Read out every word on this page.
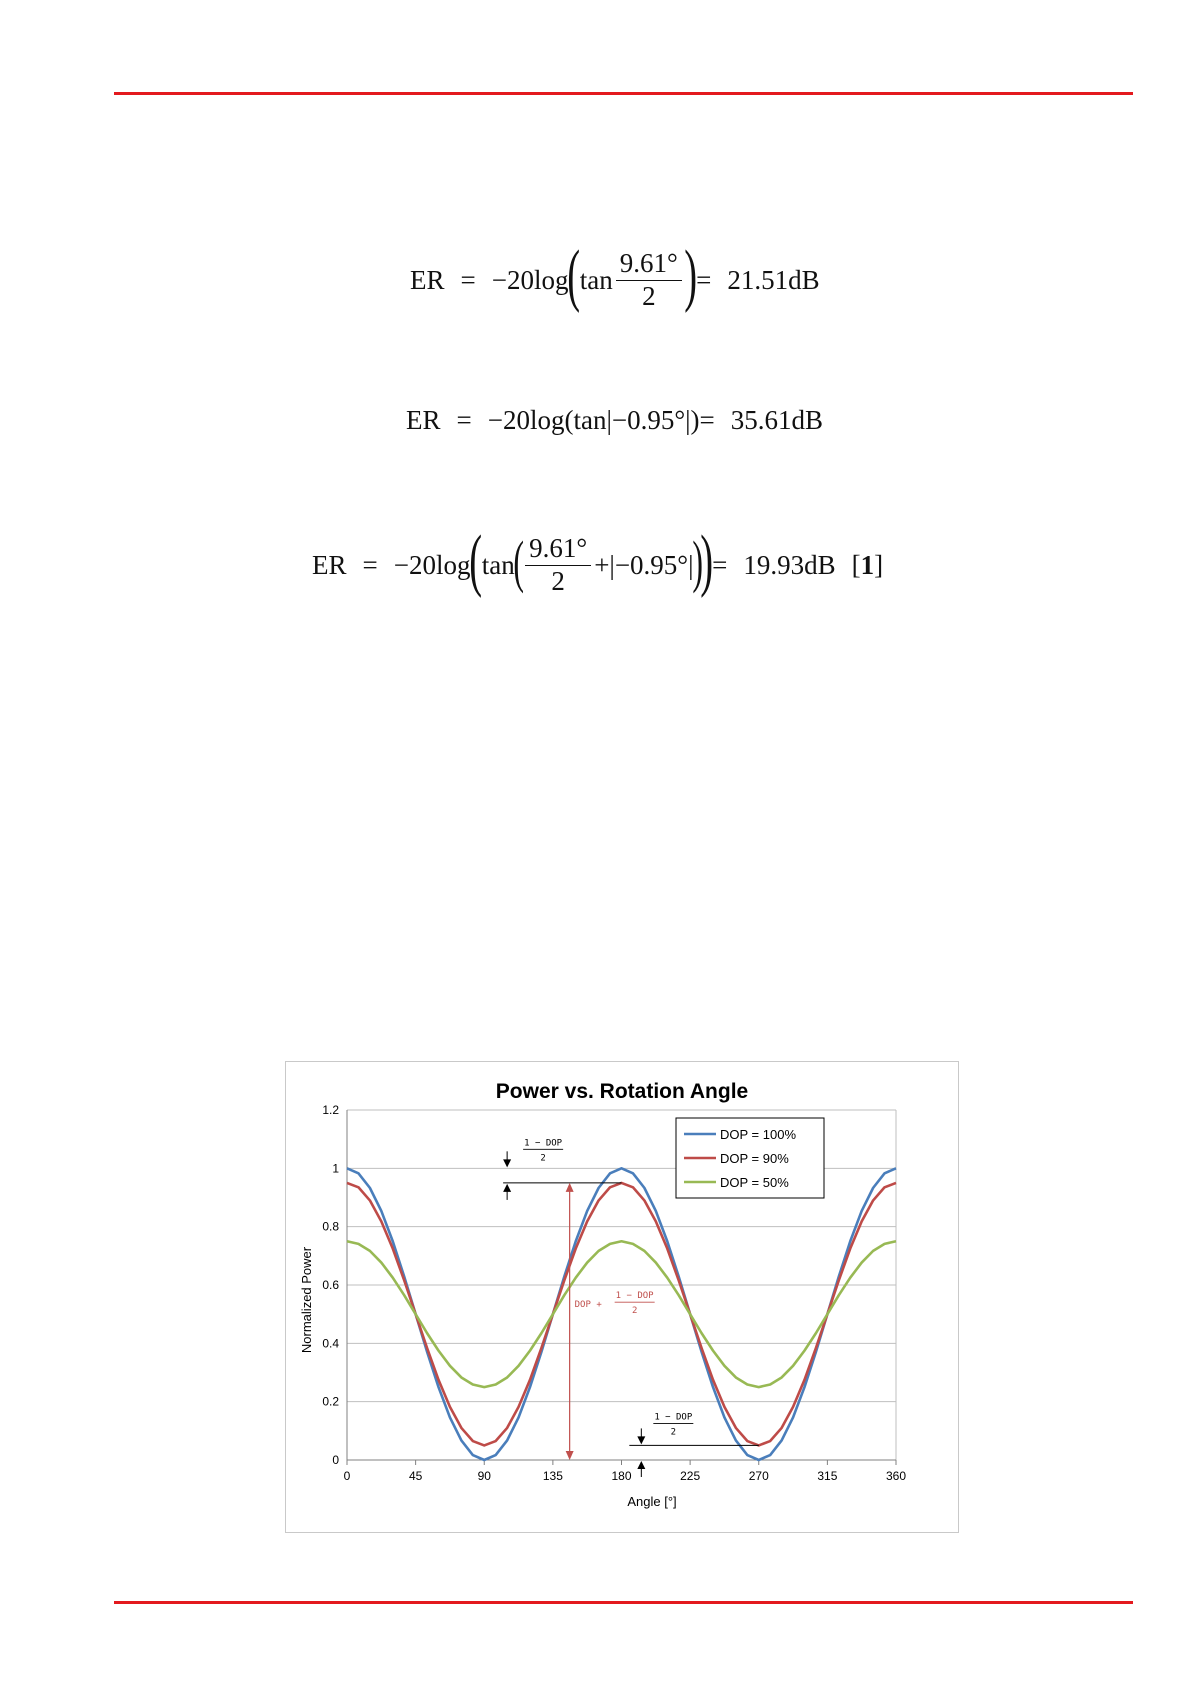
ER = −20log ( $\tan \frac{9.61^\circ}{2}$ ) = 21.51dB
ER = −20log(tan|−0.95°|) = 35.61dB
ER = −20log ( tan
( $\frac{9.61^\circ}{2} +|-0.95^\circ|$
)
) = 19.93dB [1]
Power vs. Rotation Angle
0
0.2
0.4
0.6
0.8
1
1.2
0	45	90	135	180	225	270	315	360
1 − DOP
2
DOP +
1 − DOP
2
1 − DOP
2
DOP = 100%
DOP = 90%
DOP = 50%
Angle [°]
Normalized Power
